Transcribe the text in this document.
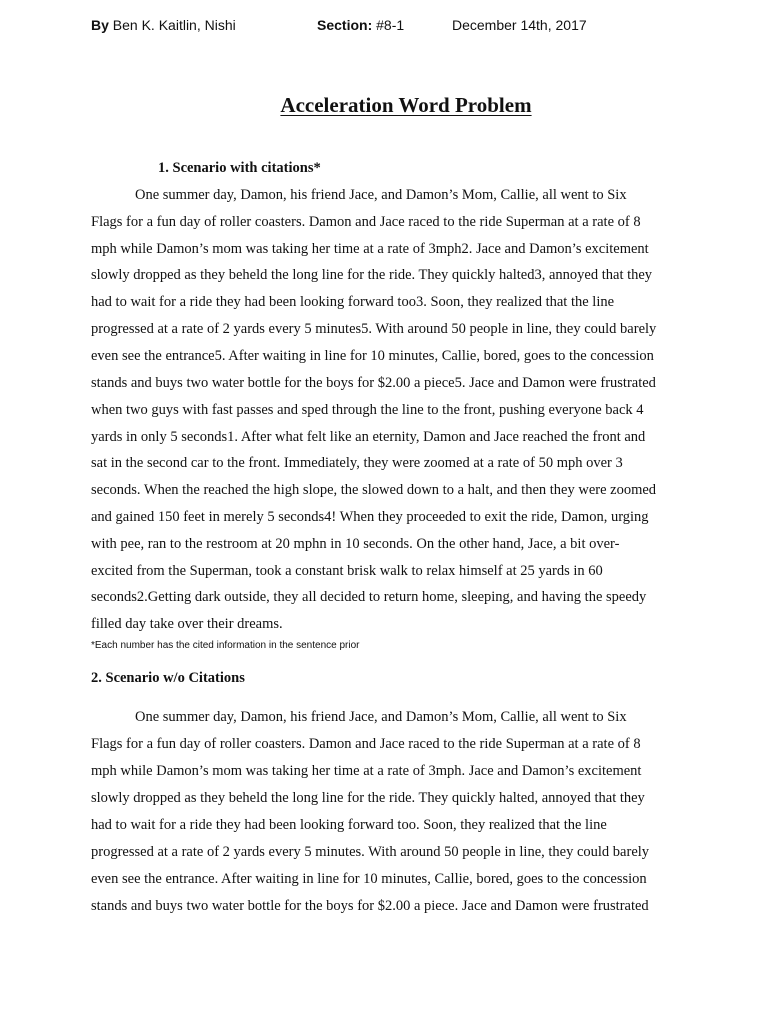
By Ben K. Kaitlin, Nishi	Section: #8-1	December 14th, 2017
Acceleration Word Problem
1. Scenario with citations*
One summer day, Damon, his friend Jace, and Damon’s Mom, Callie, all went to Six
Flags for a fun day of roller coasters. Damon and Jace raced to the ride Superman at a rate of 8
mph while Damon’s mom was taking her time at a rate of 3mph2. Jace and Damon’s excitement
slowly dropped as they beheld the long line for the ride. They quickly halted3, annoyed that they
had to wait for a ride they had been looking forward too3. Soon, they realized that the line
progressed at a rate of 2 yards every 5 minutes5. With around 50 people in line, they could barely
even see the entrance5. After waiting in line for 10 minutes, Callie, bored, goes to the concession
stands and buys two water bottle for the boys for $2.00 a piece5. Jace and Damon were frustrated
when two guys with fast passes and sped through the line to the front, pushing everyone back 4
yards in only 5 seconds1. After what felt like an eternity, Damon and Jace reached the front and
sat in the second car to the front. Immediately, they were zoomed at a rate of 50 mph over 3
seconds. When the reached the high slope, the slowed down to a halt, and then they were zoomed
and gained 150 feet in merely 5 seconds4! When they proceeded to exit the ride, Damon, urging
with pee, ran to the restroom at 20 mphn in 10 seconds. On the other hand, Jace, a bit over-
excited from the Superman, took a constant brisk walk to relax himself at 25 yards in 60
seconds2.Getting dark outside, they all decided to return home, sleeping, and having the speedy
filled day take over their dreams.
*Each number has the cited information in the sentence prior
2. Scenario w/o Citations
One summer day, Damon, his friend Jace, and Damon’s Mom, Callie, all went to Six
Flags for a fun day of roller coasters. Damon and Jace raced to the ride Superman at a rate of 8
mph while Damon’s mom was taking her time at a rate of 3mph. Jace and Damon’s excitement
slowly dropped as they beheld the long line for the ride. They quickly halted, annoyed that they
had to wait for a ride they had been looking forward too. Soon, they realized that the line
progressed at a rate of 2 yards every 5 minutes. With around 50 people in line, they could barely
even see the entrance. After waiting in line for 10 minutes, Callie, bored, goes to the concession
stands and buys two water bottle for the boys for $2.00 a piece. Jace and Damon were frustrated
